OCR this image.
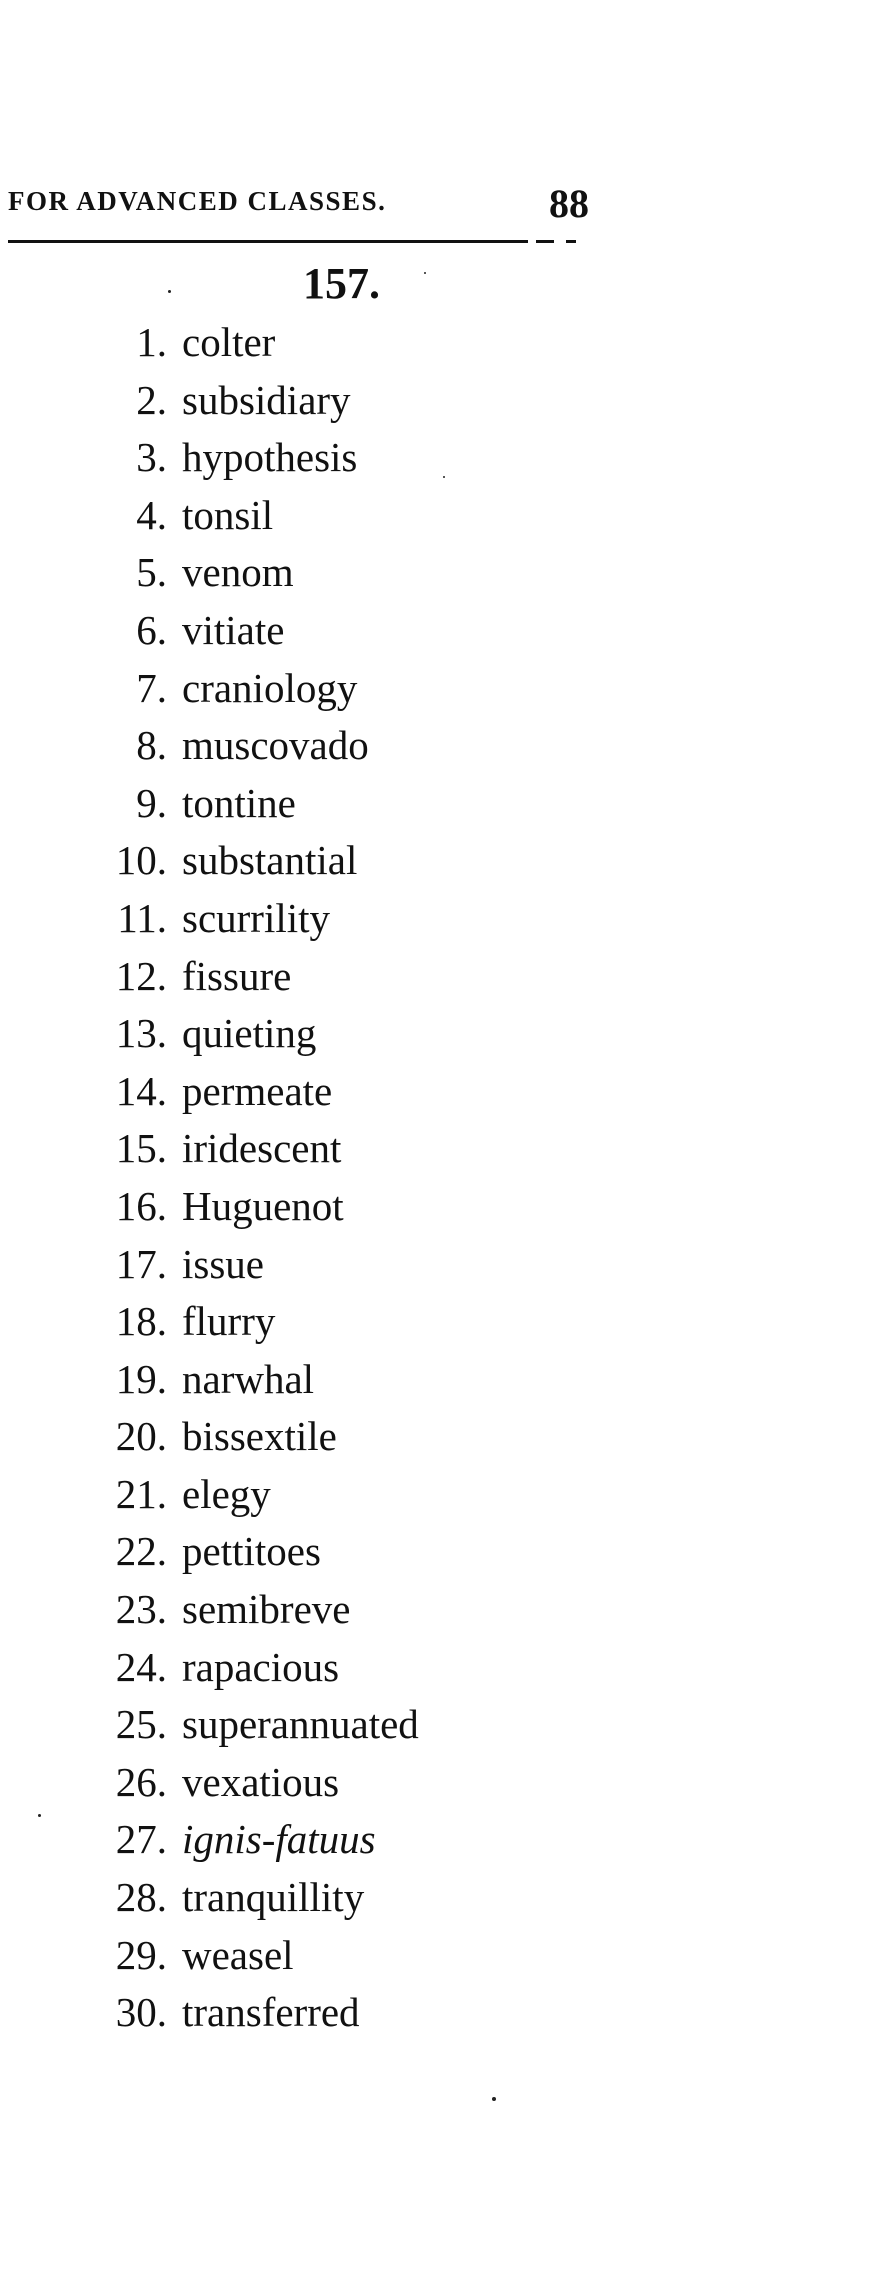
FOR ADVANCED CLASSES.	88
157.
1. colter
2. subsidiary
3. hypothesis
4. tonsil
5. venom
6. vitiate
7. craniology
8. muscovado
9. tontine
10. substantial
11. scurrility
12. fissure
13. quieting
14. permeate
15. iridescent
16. Huguenot
17. issue
18. flurry
19. narwhal
20. bissextile
21. elegy
22. pettitoes
23. semibreve
24. rapacious
25. superannuated
26. vexatious
27. ignis-fatuus
28. tranquillity
29. weasel
30. transferred
